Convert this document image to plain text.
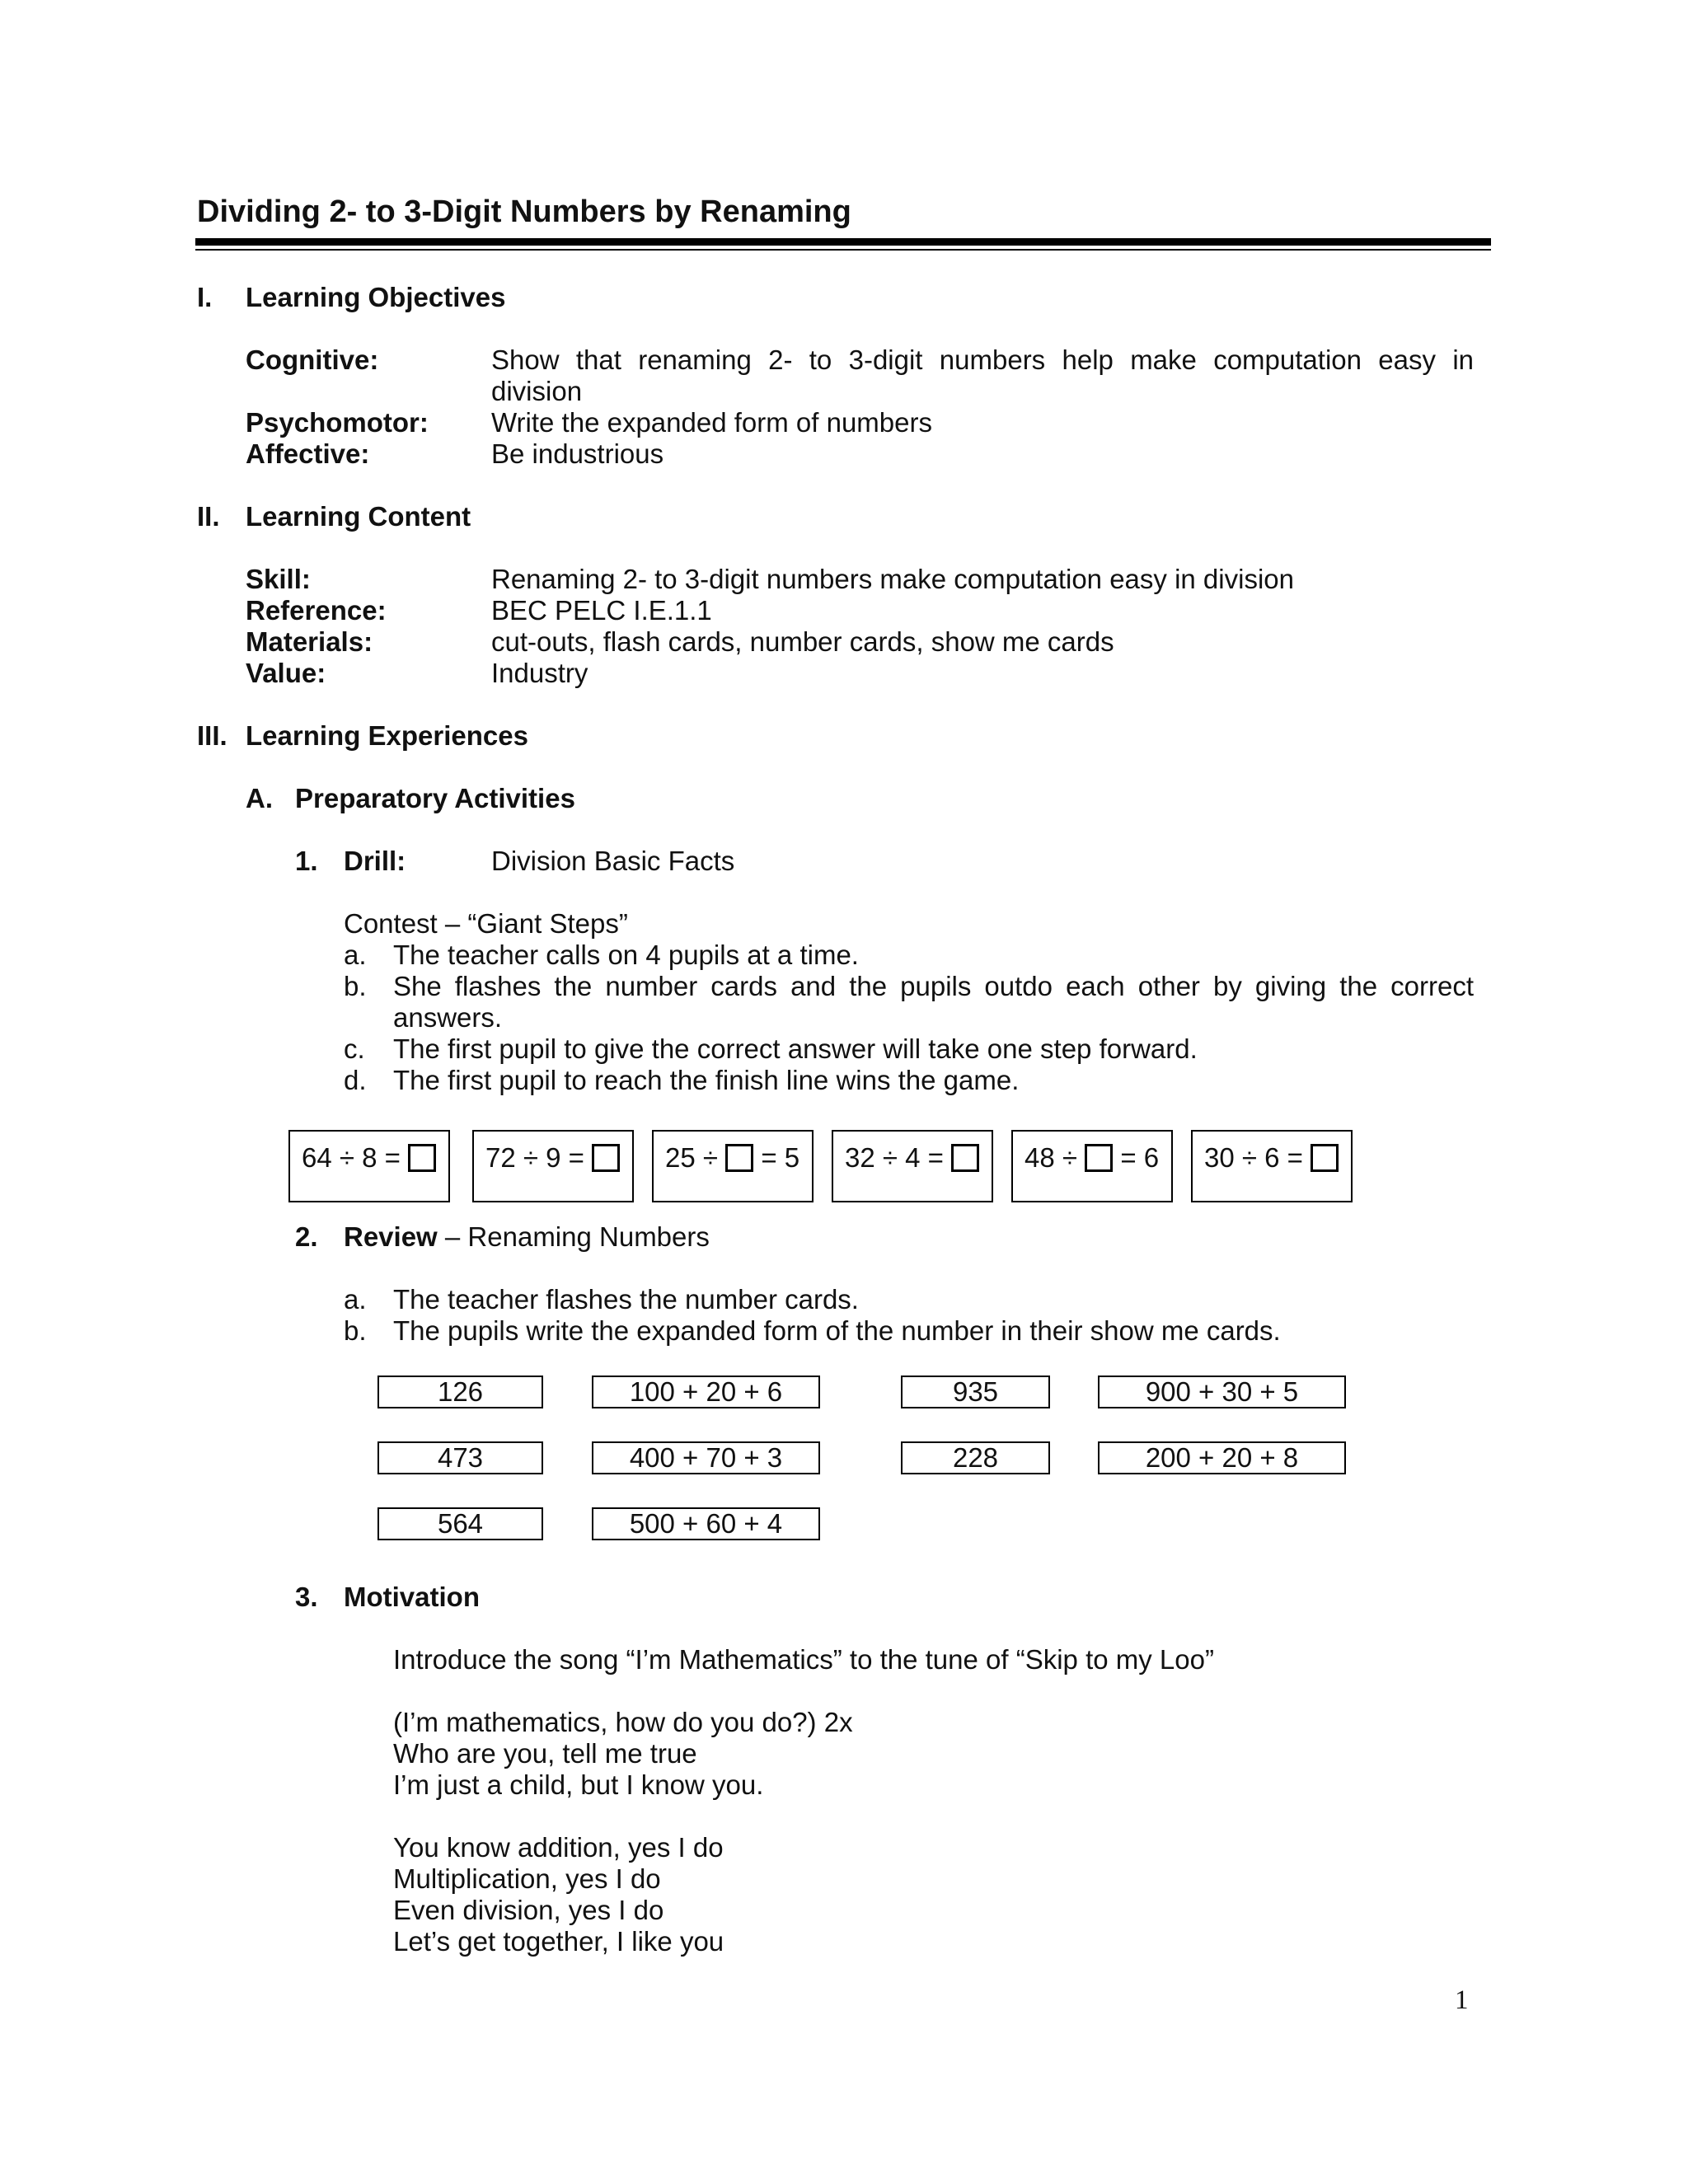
Dividing 2- to 3-Digit Numbers by Renaming
I. Learning Objectives
Cognitive:	Show that renaming 2- to 3-digit numbers help make computation easy in
division
Psychomotor: Write the expanded form of numbers
Affective:	Be industrious
II. Learning Content
Skill:	Renaming 2- to 3-digit numbers make computation easy in division
Reference:	BEC PELC I.E.1.1
Materials:	cut-outs, flash cards, number cards, show me cards
Value:	Industry
III. Learning Experiences
A. Preparatory Activities
1. Drill:	Division Basic Facts
Contest – “Giant Steps”
a. The teacher calls on 4 pupils at a time.
b. She flashes the number cards and the pupils outdo each other by giving the correct
answers.
c. The first pupil to give the correct answer will take one step forward.
d. The first pupil to reach the finish line wins the game.
64 ÷ 8 =	72 ÷ 9 =	25 ÷ = 5 32 ÷ 4 =	48 ÷ = 6 30 ÷ 6 =
2. Review – Renaming Numbers
a. The teacher flashes the number cards.
b. The pupils write the expanded form of the number in their show me cards.
126	100 + 20 + 6	935	900 + 30 + 5
473	400 + 70 + 3	228	200 + 20 + 8
564	500 + 60 + 4
3. Motivation
Introduce the song “I’m Mathematics” to the tune of “Skip to my Loo”
(I’m mathematics, how do you do?) 2x
Who are you, tell me true
I’m just a child, but I know you.
You know addition, yes I do
Multiplication, yes I do
Even division, yes I do
Let’s get together, I like you
1
